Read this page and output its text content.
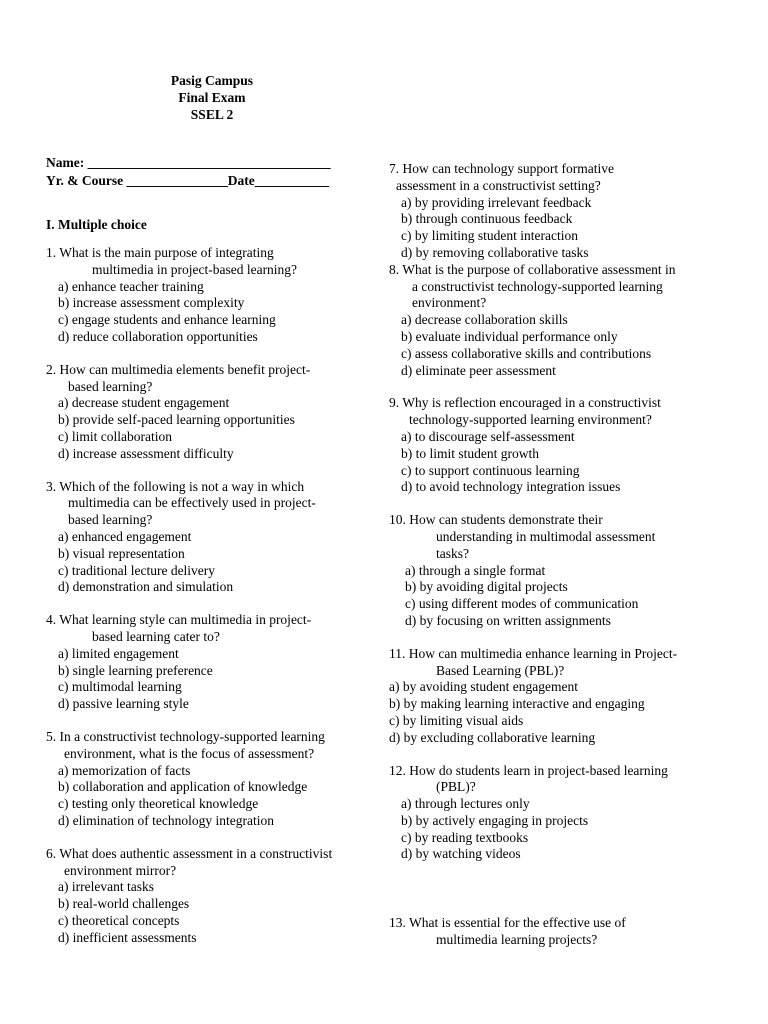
Pasig Campus
Final Exam
SSEL 2
Name: ____________________________________
Yr. & Course _______________Date___________
I. Multiple choice
1. What is the main purpose of integrating
multimedia in project-based learning?
a) enhance teacher training
b) increase assessment complexity
c) engage students and enhance learning
d) reduce collaboration opportunities
2. How can multimedia elements benefit project-
based learning?
a) decrease student engagement
b) provide self-paced learning opportunities
c) limit collaboration
d) increase assessment difficulty
3. Which of the following is not a way in which
multimedia can be effectively used in project-
based learning?
a) enhanced engagement
b) visual representation
c) traditional lecture delivery
d) demonstration and simulation
4. What learning style can multimedia in project-
based learning cater to?
a) limited engagement
b) single learning preference
c) multimodal learning
d) passive learning style
5. In a constructivist technology-supported learning
environment, what is the focus of assessment?
a) memorization of facts
b) collaboration and application of knowledge
c) testing only theoretical knowledge
d) elimination of technology integration
6. What does authentic assessment in a constructivist
environment mirror?
a) irrelevant tasks
b) real-world challenges
c) theoretical concepts
d) inefficient assessments
7. How can technology support formative
assessment in a constructivist setting?
a) by providing irrelevant feedback
b) through continuous feedback
c) by limiting student interaction
d) by removing collaborative tasks
8. What is the purpose of collaborative assessment in
a constructivist technology-supported learning
environment?
a) decrease collaboration skills
b) evaluate individual performance only
c) assess collaborative skills and contributions
d) eliminate peer assessment
9. Why is reflection encouraged in a constructivist
technology-supported learning environment?
a) to discourage self-assessment
b) to limit student growth
c) to support continuous learning
d) to avoid technology integration issues
10. How can students demonstrate their
understanding in multimodal assessment
tasks?
a) through a single format
b) by avoiding digital projects
c) using different modes of communication
d) by focusing on written assignments
11. How can multimedia enhance learning in Project-
Based Learning (PBL)?
a) by avoiding student engagement
b) by making learning interactive and engaging
c) by limiting visual aids
d) by excluding collaborative learning
12. How do students learn in project-based learning
(PBL)?
a) through lectures only
b) by actively engaging in projects
c) by reading textbooks
d) by watching videos
13. What is essential for the effective use of
multimedia learning projects?
